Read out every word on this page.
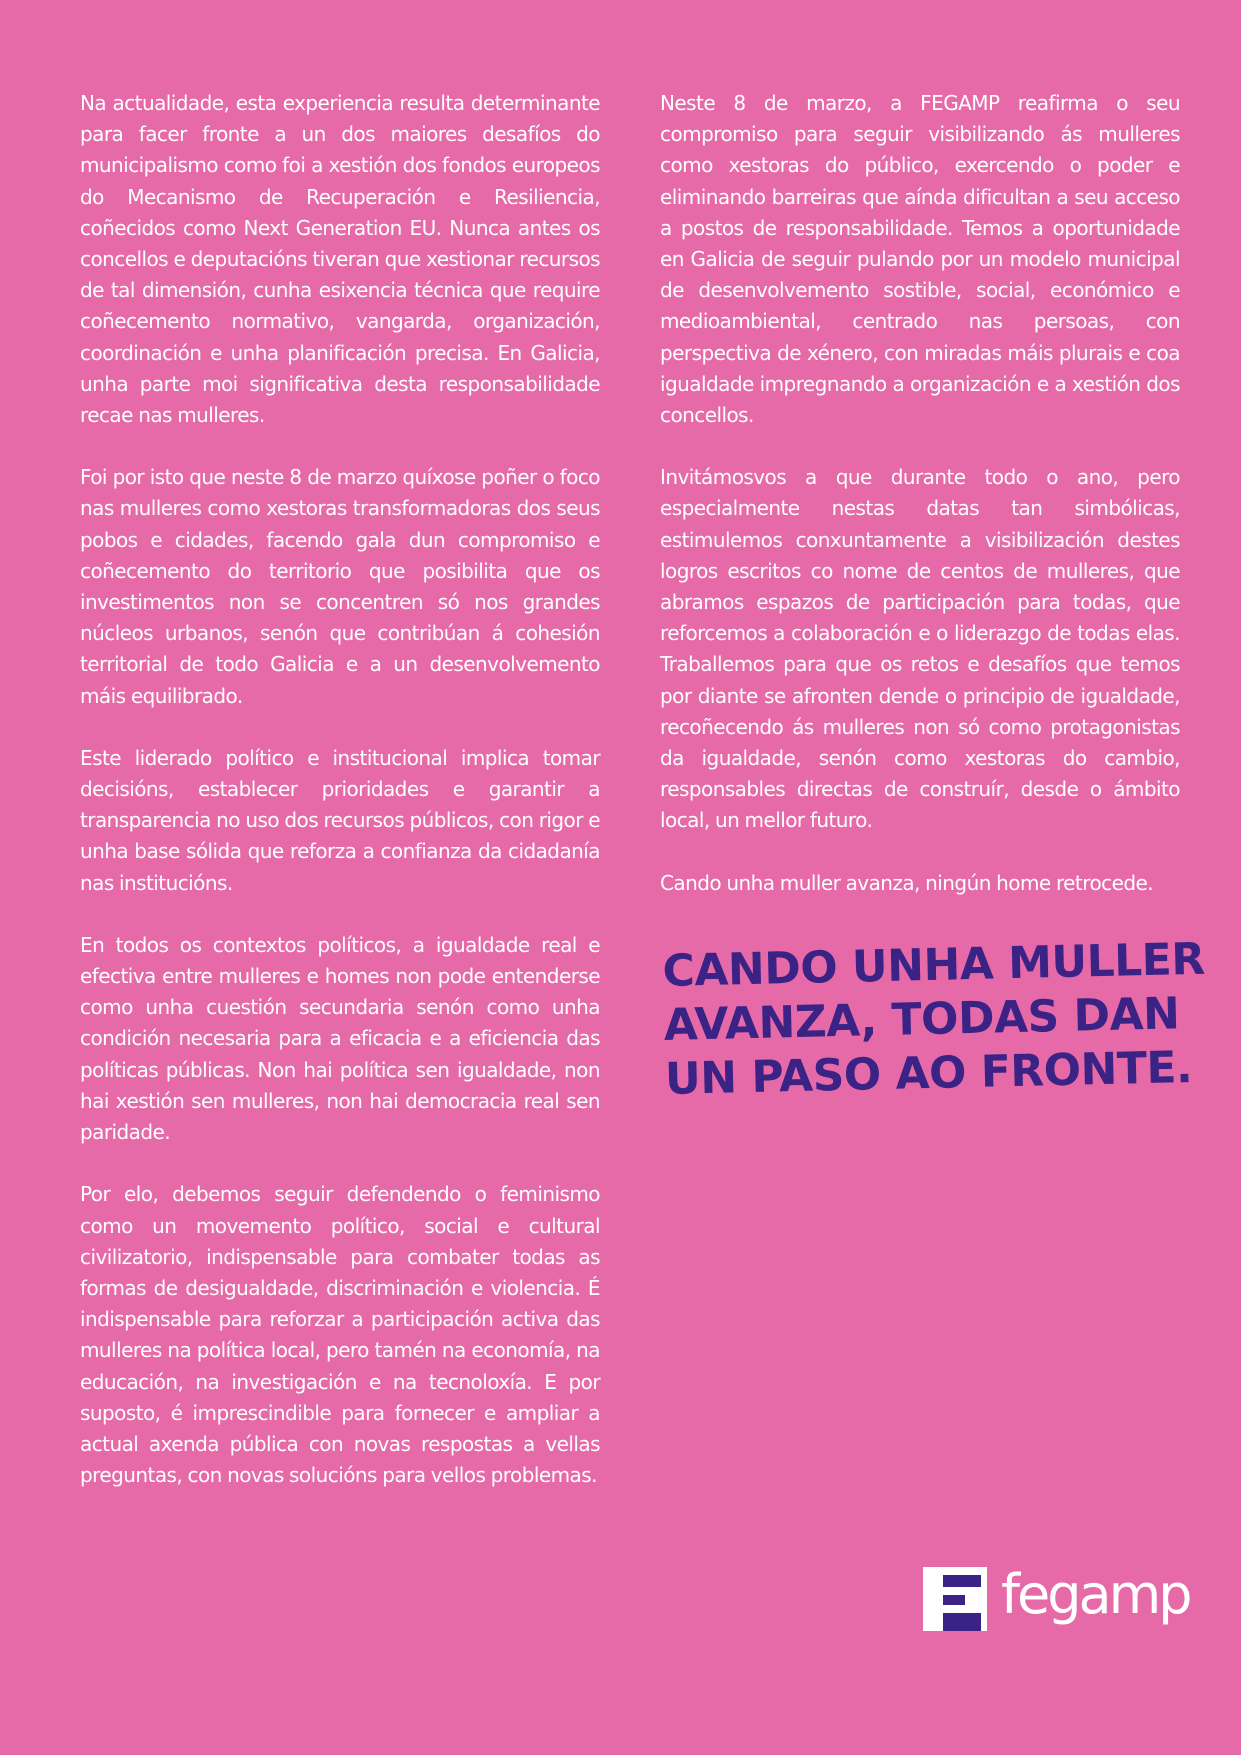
Na actualidade, esta experiencia resulta determinante para facer fronte a un dos maiores desafíos do municipalismo como foi a xestión dos fondos europeos do Mecanismo de Recuperación e Resiliencia, coñecidos como Next Generation EU. Nunca antes os concellos e deputacións tiveran que xestionar recursos de tal dimensión, cunha esixencia técnica que require coñecemento normativo, vangarda, organización, coordinación e unha planificación precisa. En Galicia, unha parte moi significativa desta responsabilidade recae nas mulleres.

Foi por isto que neste 8 de marzo quíxose poñer o foco nas mulleres como xestoras transformadoras dos seus pobos e cidades, facendo gala dun compromiso e coñecemento do territorio que posibilita que os investimentos non se concentren só nos grandes núcleos urbanos, senón que contribúan á cohesión territorial de todo Galicia e a un desenvolvemento máis equilibrado.

Este liderado político e institucional implica tomar decisións, establecer prioridades e garantir a transparencia no uso dos recursos públicos, con rigor e unha base sólida que reforza a confianza da cidadanía nas institucións.

En todos os contextos políticos, a igualdade real e efectiva entre mulleres e homes non pode entenderse como unha cuestión secundaria senón como unha condición necesaria para a eficacia e a eficiencia das políticas públicas. Non hai política sen igualdade, non hai xestión sen mulleres, non hai democracia real sen paridade.

Por elo, debemos seguir defendendo o feminismo como un movemento político, social e cultural civilizatorio, indispensable para combater todas as formas de desigualdade, discriminación e violencia. É indispensable para reforzar a participación activa das mulleres na política local, pero tamén na economía, na educación, na investigación e na tecnoloxía. E por suposto, é imprescindible para fornecer e ampliar a actual axenda pública con novas respostas a vellas preguntas, con novas solucións para vellos problemas.

Neste 8 de marzo, a FEGAMP reafirma o seu compromiso para seguir visibilizando ás mulleres como xestoras do público, exercendo o poder e eliminando barreiras que aínda dificultan a seu acceso a postos de responsabilidade. Temos a oportunidade en Galicia de seguir pulando por un modelo municipal de desenvolvemento sostible, social, económico e medioambiental, centrado nas persoas, con perspectiva de xénero, con miradas máis plurais e coa igualdade impregnando a organización e a xestión dos concellos.

Invitámosvos a que durante todo o ano, pero especialmente nestas datas tan simbólicas, estimulemos conxuntamente a visibilización destes logros escritos co nome de centos de mulleres, que abramos espazos de participación para todas, que reforcemos a colaboración e o liderazgo de todas elas. Traballemos para que os retos e desafíos que temos por diante se afronten dende o principio de igualdade, recoñecendo ás mulleres non só como protagonistas da igualdade, senón como xestoras do cambio, responsables directas de construír, desde o ámbito local, un mellor futuro.

Cando unha muller avanza, ningún home retrocede.

CANDO UNHA MULLER
AVANZA, TODAS DAN
UN PASO AO FRONTE.
fegamp
